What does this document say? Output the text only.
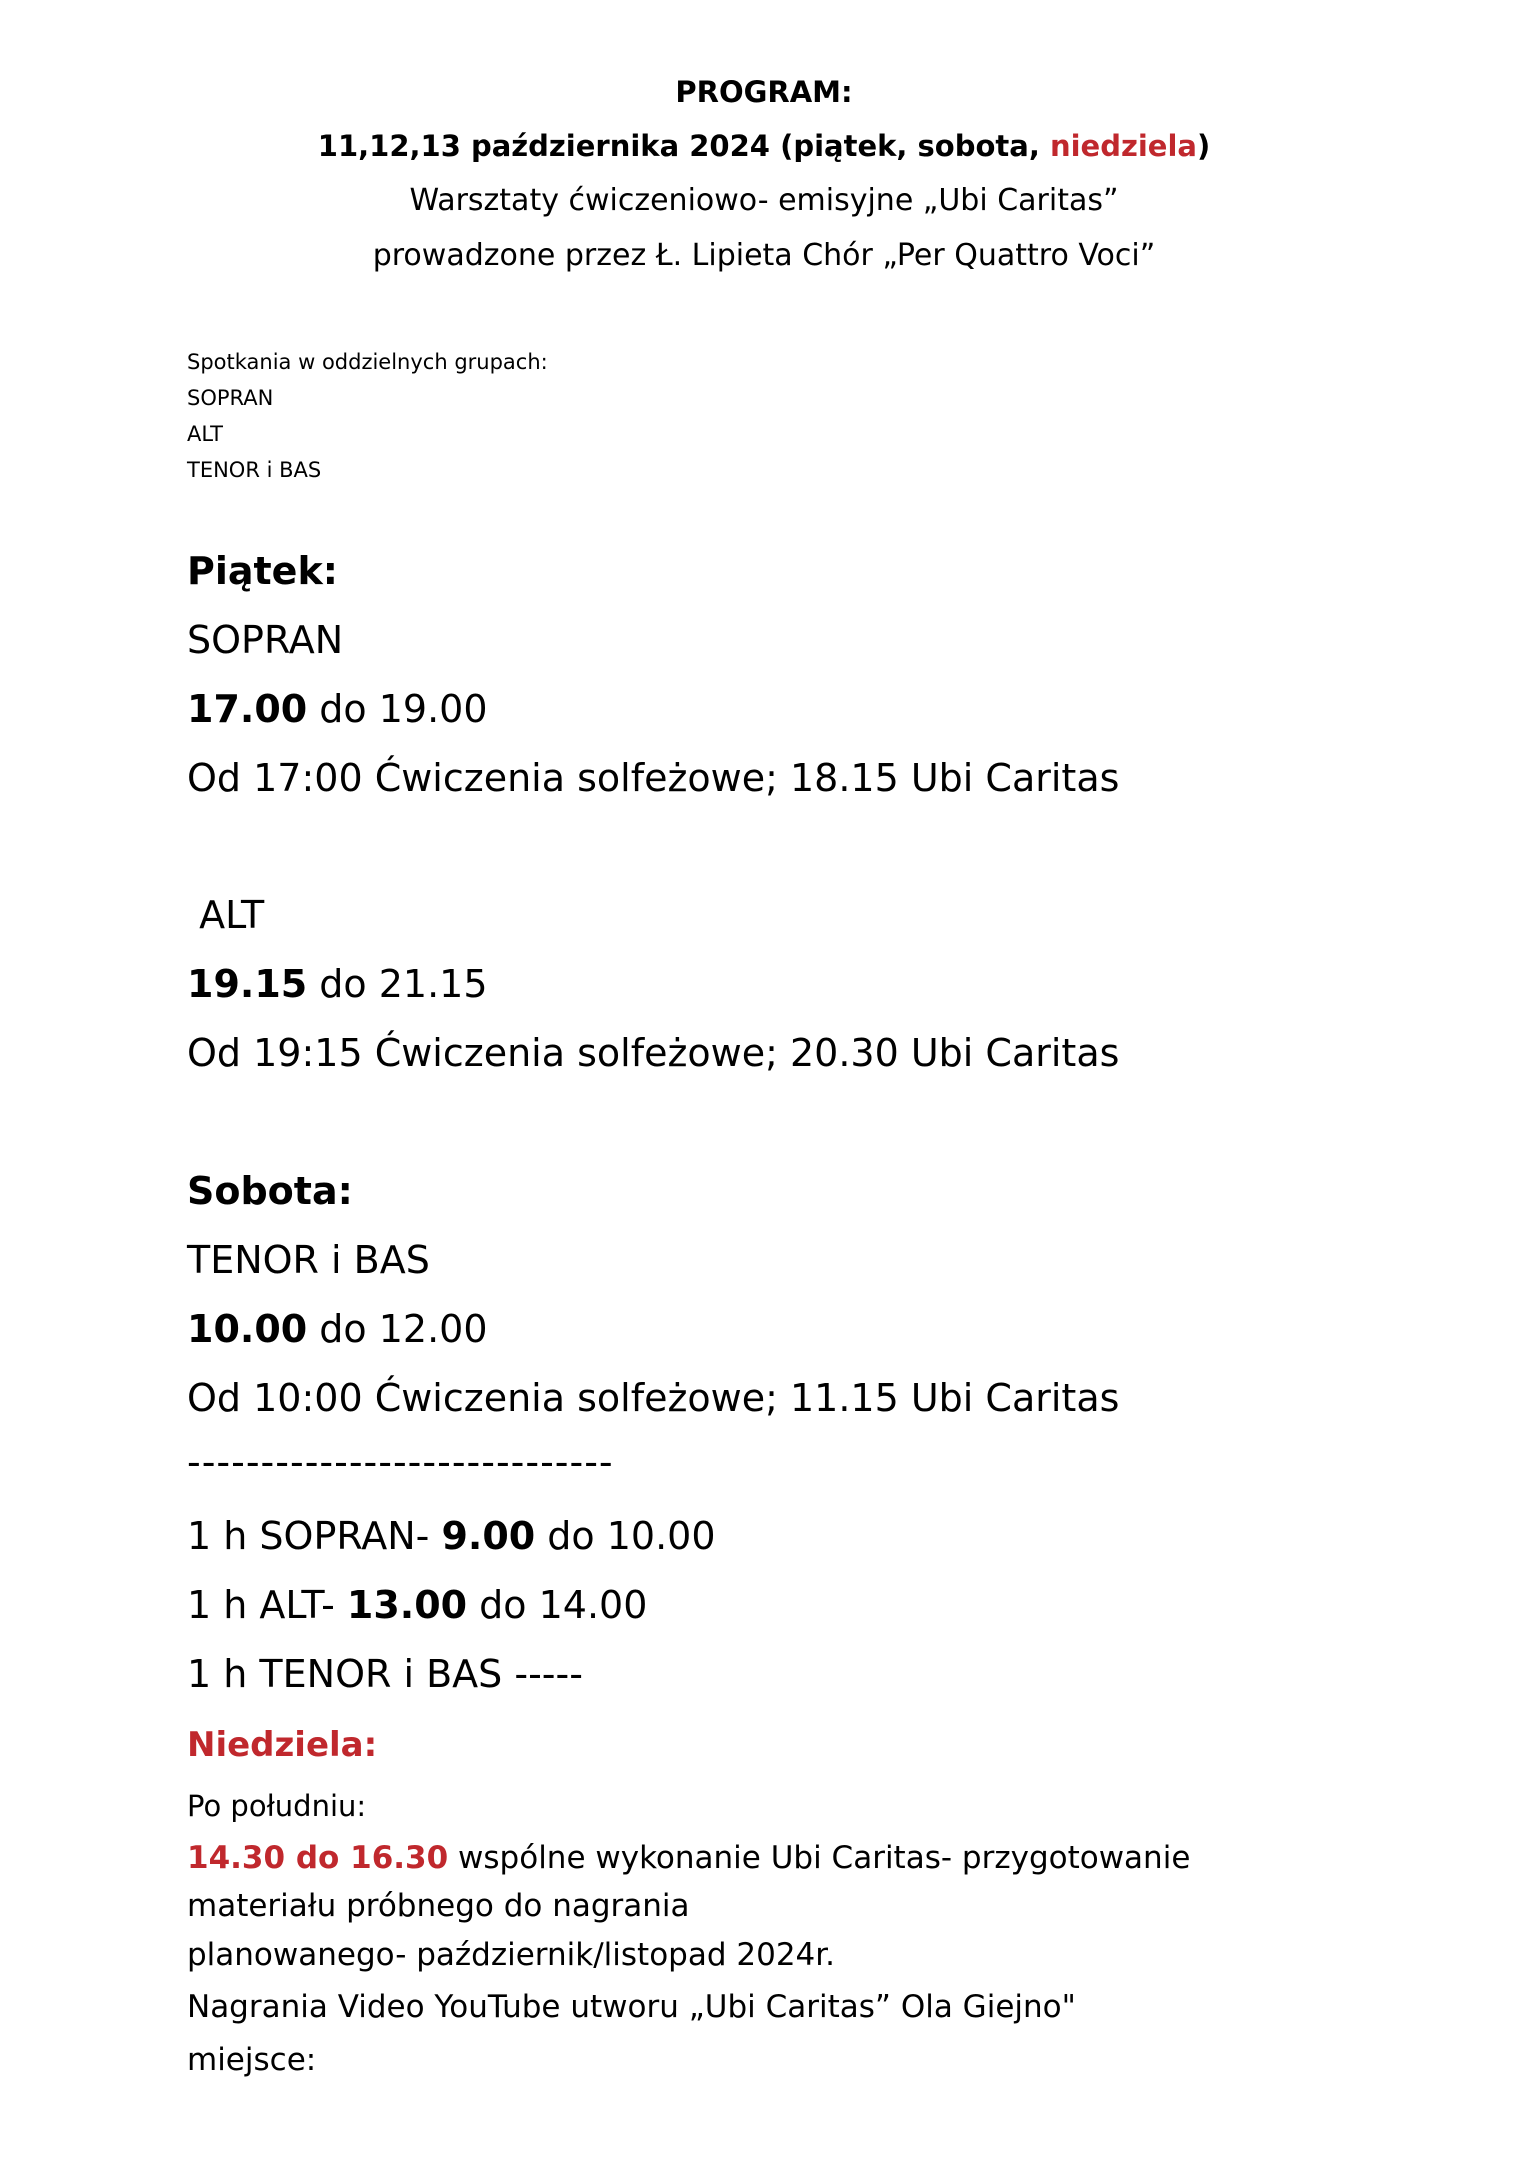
PROGRAM:
11,12,13 października 2024 (piątek, sobota, niedziela)
Warsztaty ćwiczeniowo- emisyjne „Ubi Caritas”
prowadzone przez Ł. Lipieta Chór „Per Quattro Voci”
Spotkania w oddzielnych grupach:
SOPRAN
ALT
TENOR i BAS
Piątek:
SOPRAN
17.00 do 19.00
Od 17:00 Ćwiczenia solfeżowe; 18.15 Ubi Caritas
ALT
19.15 do 21.15
Od 19:15 Ćwiczenia solfeżowe; 20.30 Ubi Caritas
Sobota:
TENOR i BAS
10.00 do 12.00
Od 10:00 Ćwiczenia solfeżowe; 11.15 Ubi Caritas
-----------------------------
1 h SOPRAN- 9.00 do 10.00
1 h ALT- 13.00 do 14.00
1 h TENOR i BAS -----
Niedziela:
Po południu:
14.30 do 16.30 wspólne wykonanie Ubi Caritas- przygotowanie
materiału próbnego do nagrania
planowanego- październik/listopad 2024r.
Nagrania Video YouTube utworu „Ubi Caritas” Ola Giejno"
miejsce:
